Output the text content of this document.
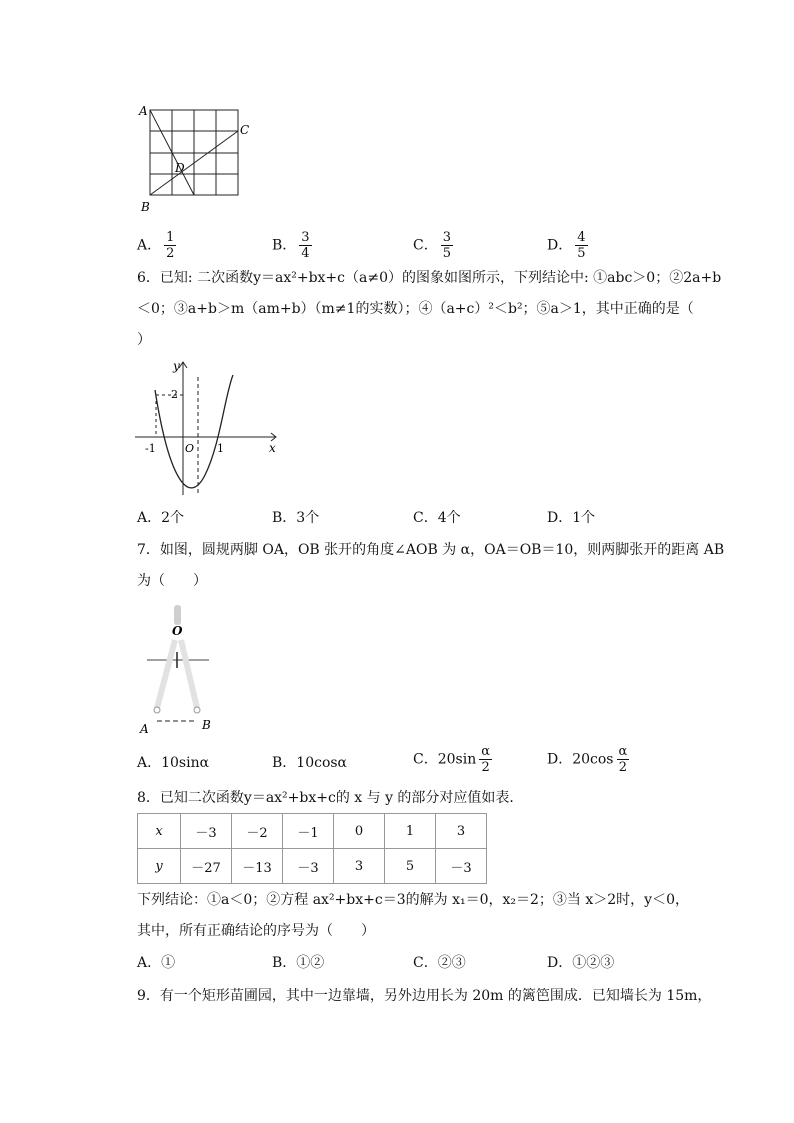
A
C
D
B
A． $\frac{1}{2}$	B． $\frac{3}{4}$	C． $\frac{3}{5}$	D． $\frac{4}{5}$
6．已知: 二次函数y＝ax²+bx+c（a≠0）的图象如图所示，下列结论中: ①abc＞0；②2a+b
＜0；③a+b＞m（am+b）（m≠1的实数）；④（a+c）²＜b²；⑤a＞1，其中正确的是（
）
y
x
2
-1	O 1
A．2个	B．3个	C．4个	D．1个
7．如图，圆规两脚 OA，OB 张开的角度∠AOB 为 α，OA＝OB＝10，则两脚张开的距离 AB
为（　　）
O
A	B
A．10sinα	B．10cosα	C．$20\sin \frac{\alpha}{2}$	D．$20\cos \frac{\alpha}{2}$
8．已知二次函数y＝ax²+bx+c的 x 与 y 的部分对应值如表．
x	－3	－2	－1	0	1	3
y	－27	－13	－3	3	5	－3
下列结论：①a＜0；②方程 ax²+bx+c＝3的解为 x₁＝0，x₂＝2；③当 x＞2时，y＜0，
其中，所有正确结论的序号为（　　）
A．①	B．①②	C．②③	D．①②③
9．有一个矩形苗圃园，其中一边靠墙，另外边用长为 20m 的篱笆围成．已知墙长为 15m，
